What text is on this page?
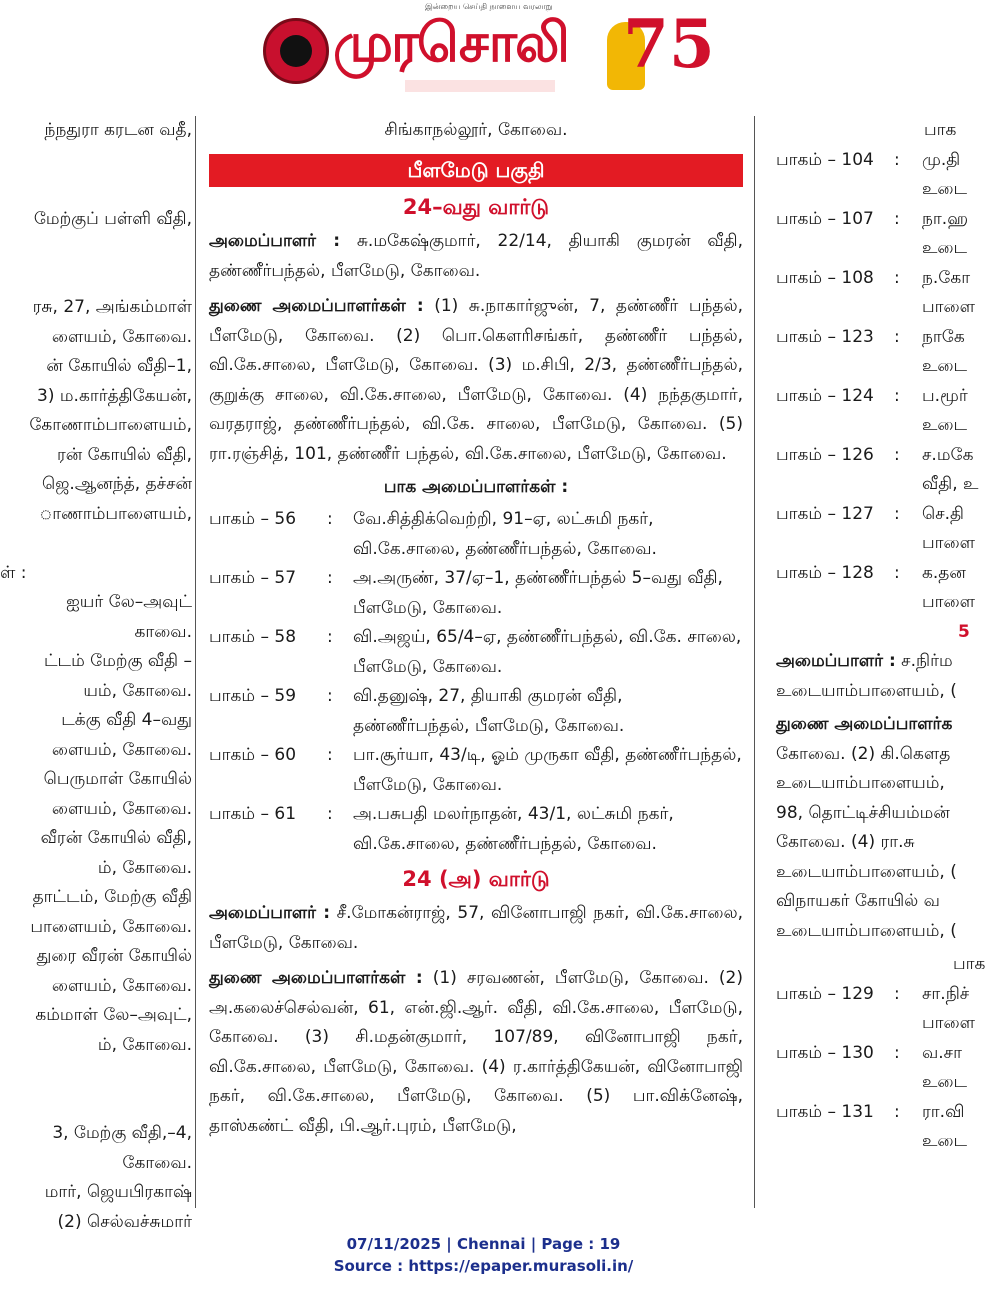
இன்றைய செய்தி நாளைய வரலாறு
முரசொலி 75
ந்நதுரா கரடன வதீ,
மேற்குப் பள்ளி வீதி,
ரசு, 27, அங்கம்மாள்
ளையம், கோவை.
ன் கோயில் வீதி–1,
3) ம.கார்த்திகேயன்,
கோணாம்பாளையம்,
ரன் கோயில் வீதி,
ஜெ.ஆனந்த், தச்சன்
ாணாம்பாளையம்,
ள் :
ஐயர் லே–அவுட்
காவை.
ட்டம் மேற்கு வீதி –
யம், கோவை.
டக்கு வீதி 4–வது
ளையம், கோவை.
பெருமாள் கோயில்
ளையம், கோவை.
வீரன் கோயில் வீதி,
ம், கோவை.
தாட்டம், மேற்கு வீதி
பாளையம், கோவை.
துரை வீரன் கோயில்
ளையம், கோவை.
கம்மாள் லே–அவுட்,
ம், கோவை.
3, மேற்கு வீதி,–4,
கோவை.
மார், ஜெயபிரகாஷ்
(2) செல்வச்சுமார்
சிங்காநல்லூர், கோவை.
பீளமேடு பகுதி
24–வது வார்டு

அமைப்பாளர் : சு.மகேஷ்குமார், 22/14, தியாகி குமரன் வீதி, தண்ணீர்பந்தல், பீளமேடு, கோவை.

துணை அமைப்பாளர்கள் : (1) சு.நாகார்ஜுன், 7, தண்ணீர் பந்தல், பீளமேடு, கோவை. (2) பொ.கௌரிசங்கர், தண்ணீர் பந்தல், வி.கே.சாலை, பீளமேடு, கோவை. (3) ம.சிபி, 2/3, தண்ணீர்பந்தல், குறுக்கு சாலை, வி.கே.சாலை, பீளமேடு, கோவை. (4) நந்தகுமார், வரதராஜ், தண்ணீர்பந்தல், வி.கே. சாலை, பீளமேடு, கோவை. (5) ரா.ரஞ்சித், 101, தண்ணீர் பந்தல், வி.கே.சாலை, பீளமேடு, கோவை.

பாக அமைப்பாளர்கள் :
பாகம் – 56	:	வே.சித்திக்வெற்றி, 91–ஏ, லட்சுமி நகர், வி.கே.சாலை, தண்ணீர்பந்தல், கோவை.
பாகம் – 57	:	அ.அருண், 37/ஏ–1, தண்ணீர்பந்தல் 5–வது வீதி, பீளமேடு, கோவை.
பாகம் – 58	:	வி.அஜய், 65/4–ஏ, தண்ணீர்பந்தல், வி.கே. சாலை, பீளமேடு, கோவை.
பாகம் – 59	:	வி.தனுஷ், 27, தியாகி குமரன் வீதி, தண்ணீர்பந்தல், பீளமேடு, கோவை.
பாகம் – 60	:	பா.சூர்யா, 43/டி, ஓம் முருகா வீதி, தண்ணீர்பந்தல், பீளமேடு, கோவை.
பாகம் – 61	:	அ.பசுபதி மலர்நாதன், 43/1, லட்சுமி நகர், வி.கே.சாலை, தண்ணீர்பந்தல், கோவை.
24 (அ) வார்டு

அமைப்பாளர் : சீ.மோகன்ராஜ், 57, வினோபாஜி நகர், வி.கே.சாலை, பீளமேடு, கோவை.

துணை அமைப்பாளர்கள் : (1) சரவணன், பீளமேடு, கோவை. (2) அ.கலைச்செல்வன், 61, என்.ஜி.ஆர். வீதி, வி.கே.சாலை, பீளமேடு, கோவை. (3) சி.மதன்குமார், 107/89, வினோபாஜி நகர், வி.கே.சாலை, பீளமேடு, கோவை. (4) ர.கார்த்திகேயன், வினோபாஜி நகர், வி.கே.சாலை, பீளமேடு, கோவை. (5) பா.விக்னேஷ், தாஸ்கண்ட் வீதி, பி.ஆர்.புரம், பீளமேடு,

பாக
பாகம் – 104	:	மு.தி
உடை
பாகம் – 107	:	நா.ஹ
உடை
பாகம் – 108	:	ந.கோ
பாளை
பாகம் – 123	:	நாகே
உடை
பாகம் – 124	:	ப.மூர்
உடை
பாகம் – 126	:	ச.மகே
வீதி, உ
பாகம் – 127	:	செ.தி
பாளை
பாகம் – 128	:	க.தன
பாளை
5
அமைப்பாளர் : ச.நிர்ம
உடையாம்பாளையம், (
துணை அமைப்பாளர்க
கோவை. (2) கி.கௌத
உடையாம்பாளையம்,
98, தொட்டிச்சியம்மன்
கோவை. (4) ரா.சு
உடையாம்பாளையம், (
விநாயகர் கோயில் வ
உடையாம்பாளையம், (
பாக
பாகம் – 129	:	சா.நிச்
பாளை
பாகம் – 130	:	வ.சா
உடை
பாகம் – 131	:	ரா.வி
உடை
07/11/2025 | Chennai | Page : 19
Source : https://epaper.murasoli.in/
